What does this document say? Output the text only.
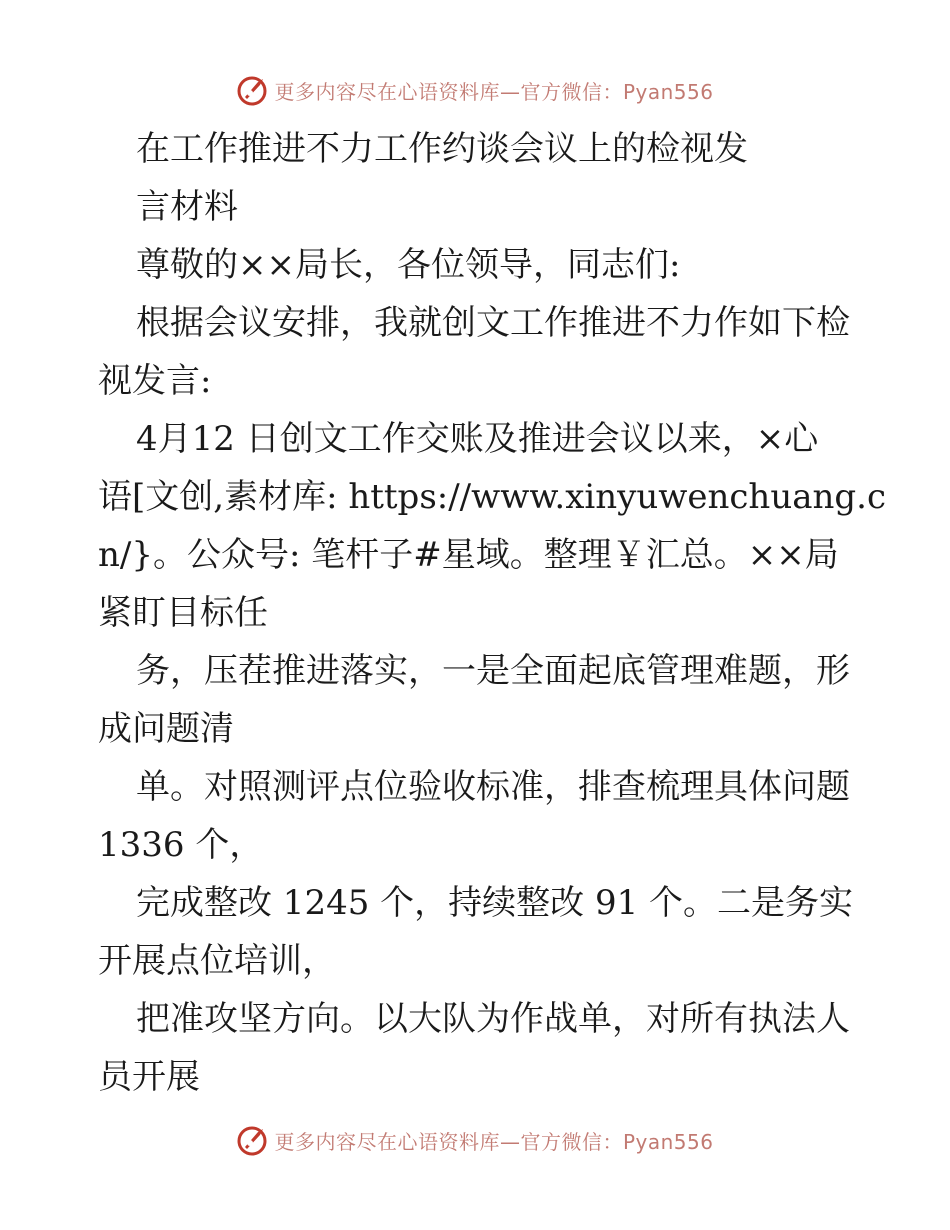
更多内容尽在心语资料库—官方微信：Pyan556
在工作推进不力工作约谈会议上的检视发
言材料
尊敬的××局长，各位领导，同志们:
根据会议安排，我就创文工作推进不力作如下检
视发言:
4月12 日创文工作交账及推进会议以来，×心
语[文创,素材库: https://www.xinyuwenchuang.c
n/}。公众号: 笔杆子#星域。整理￥汇总。××局
紧盯目标任
务，压茬推进落实，一是全面起底管理难题，形
成问题清
单。对照测评点位验收标准，排查梳理具体问题
1336 个，
完成整改 1245 个，持续整改 91 个。二是务实
开展点位培训，
把准攻坚方向。以大队为作战单，对所有执法人
员开展
更多内容尽在心语资料库—官方微信：Pyan556
